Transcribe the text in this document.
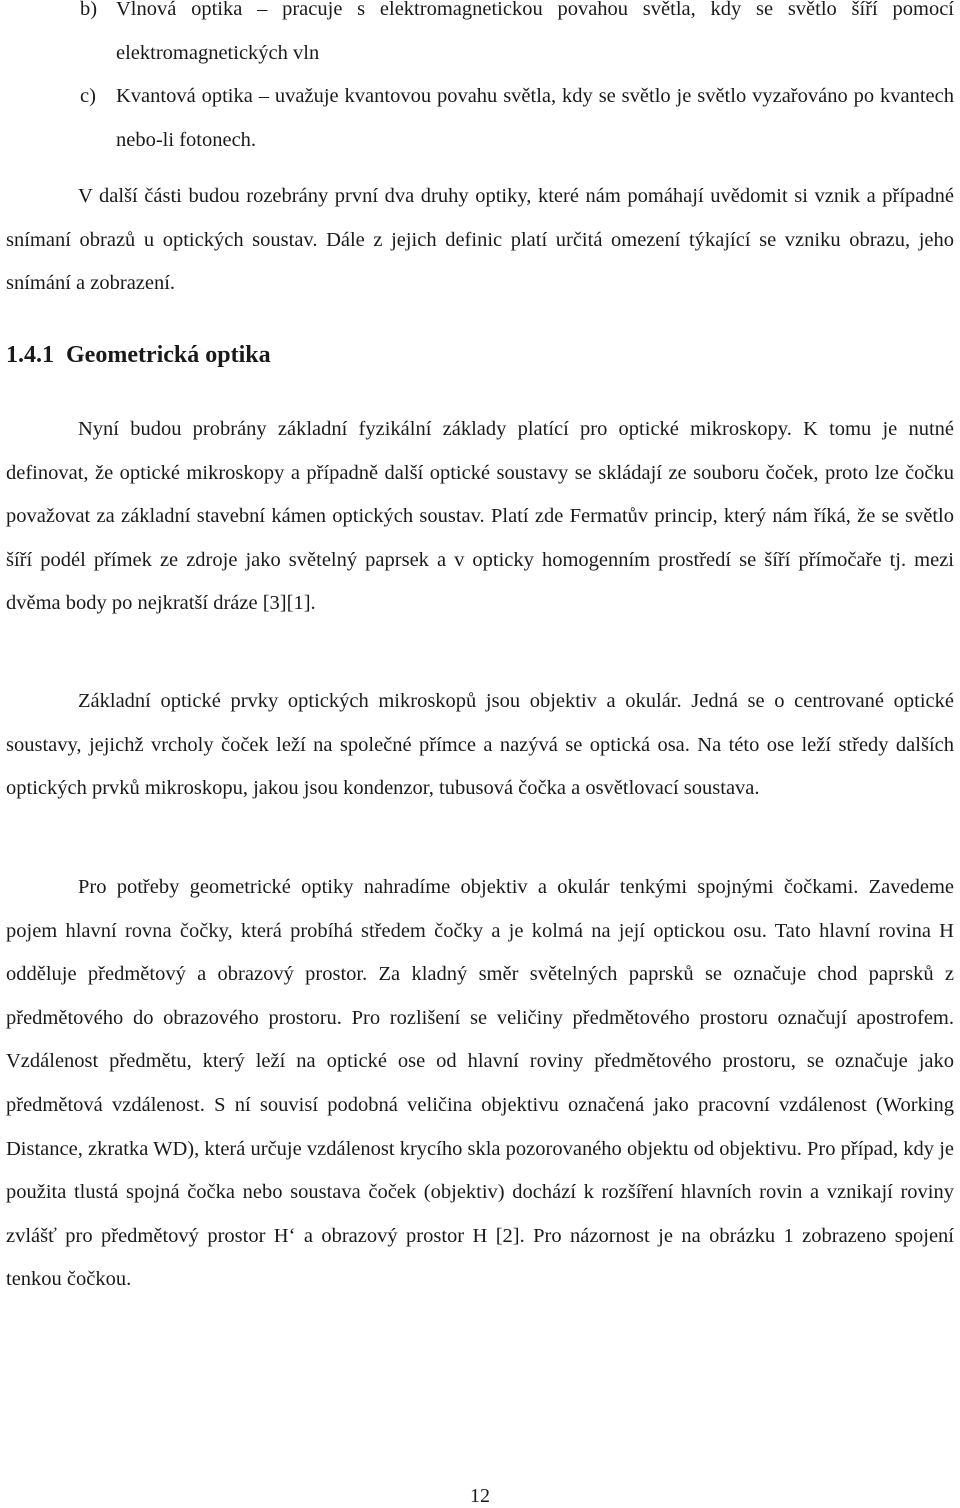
b) Vlnová optika – pracuje s elektromagnetickou povahou světla, kdy se světlo šíří pomocí elektromagnetických vln
c) Kvantová optika – uvažuje kvantovou povahu světla, kdy se světlo je světlo vyzařováno po kvantech nebo-li fotonech.

V další části budou rozebrány první dva druhy optiky, které nám pomáhají uvědomit si vznik a případné snímaní obrazů u optických soustav. Dále z jejich definic platí určitá omezení týkající se vzniku obrazu, jeho snímání a zobrazení.

1.4.1 Geometrická optika

Nyní budou probrány základní fyzikální základy platící pro optické mikroskopy. K tomu je nutné definovat, že optické mikroskopy a případně další optické soustavy se skládají ze souboru čoček, proto lze čočku považovat za základní stavební kámen optických soustav. Platí zde Fermatův princip, který nám říká, že se světlo šíří podél přímek ze zdroje jako světelný paprsek a v opticky homogenním prostředí se šíří přímočaře tj. mezi dvěma body po nejkratší dráze [3][1].

Základní optické prvky optických mikroskopů jsou objektiv a okulár. Jedná se o centrované optické soustavy, jejichž vrcholy čoček leží na společné přímce a nazývá se optická osa. Na této ose leží středy dalších optických prvků mikroskopu, jakou jsou kondenzor, tubusová čočka a osvětlovací soustava.

Pro potřeby geometrické optiky nahradíme objektiv a okulár tenkými spojnými čočkami. Zavedeme pojem hlavní rovna čočky, která probíhá středem čočky a je kolmá na její optickou osu. Tato hlavní rovina H odděluje předmětový a obrazový prostor. Za kladný směr světelných paprsků se označuje chod paprsků z předmětového do obrazového prostoru. Pro rozlišení se veličiny předmětového prostoru označují apostrofem. Vzdálenost předmětu, který leží na optické ose od hlavní roviny předmětového prostoru, se označuje jako předmětová vzdálenost. S ní souvisí podobná veličina objektivu označená jako pracovní vzdálenost (Working Distance, zkratka WD), která určuje vzdálenost krycího skla pozorovaného objektu od objektivu. Pro případ, kdy je použita tlustá spojná čočka nebo soustava čoček (objektiv) dochází k rozšíření hlavních rovin a vznikají roviny zvlášť pro předmětový prostor H‘ a obrazový prostor H [2]. Pro názornost je na obrázku 1 zobrazeno spojení tenkou čočkou.

12
